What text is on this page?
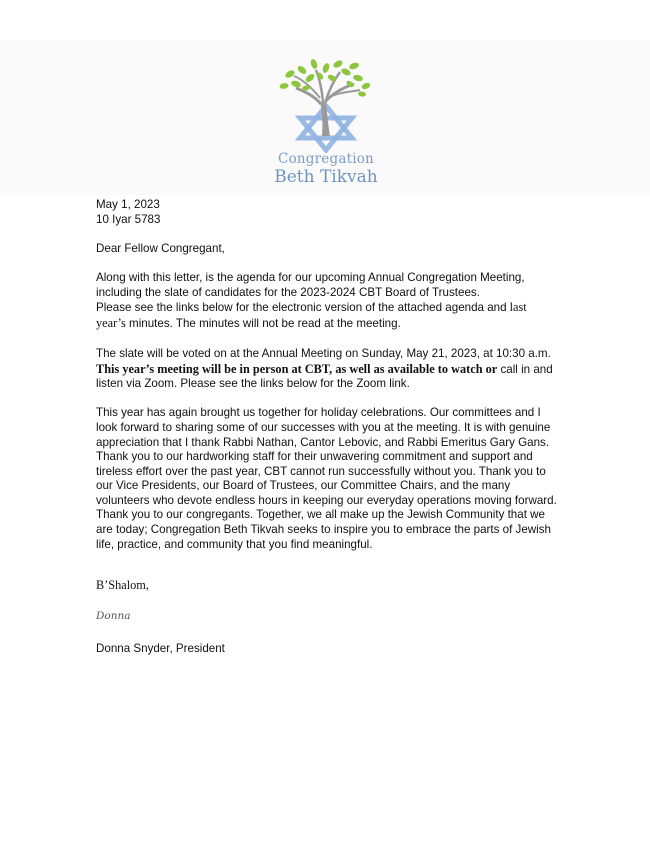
Congregation
Beth Tikvah

May 1, 2023

10 Iyar 5783

Dear Fellow Congregant,

Along with this letter, is the agenda for our upcoming Annual Congregation Meeting, including the slate of candidates for the 2023-2024 CBT Board of Trustees.

Please see the links below for the electronic version of the attached agenda and last year’s minutes. The minutes will not be read at the meeting.

The slate will be voted on at the Annual Meeting on Sunday, May 21, 2023, at 10:30 a.m. This year’s meeting will be in person at CBT, as well as available to watch or call in and listen via Zoom. Please see the links below for the Zoom link.

This year has again brought us together for holiday celebrations. Our committees and I look forward to sharing some of our successes with you at the meeting. It is with genuine appreciation that I thank Rabbi Nathan, Cantor Lebovic, and Rabbi Emeritus Gary Gans. Thank you to our hardworking staff for their unwavering commitment and support and tireless effort over the past year, CBT cannot run successfully without you. Thank you to our Vice Presidents, our Board of Trustees, our Committee Chairs, and the many volunteers who devote endless hours in keeping our everyday operations moving forward. Thank you to our congregants. Together, we all make up the Jewish Community that we are today; Congregation Beth Tikvah seeks to inspire you to embrace the parts of Jewish life, practice, and community that you find meaningful.

B’Shalom,

Donna
Donna Snyder, President
